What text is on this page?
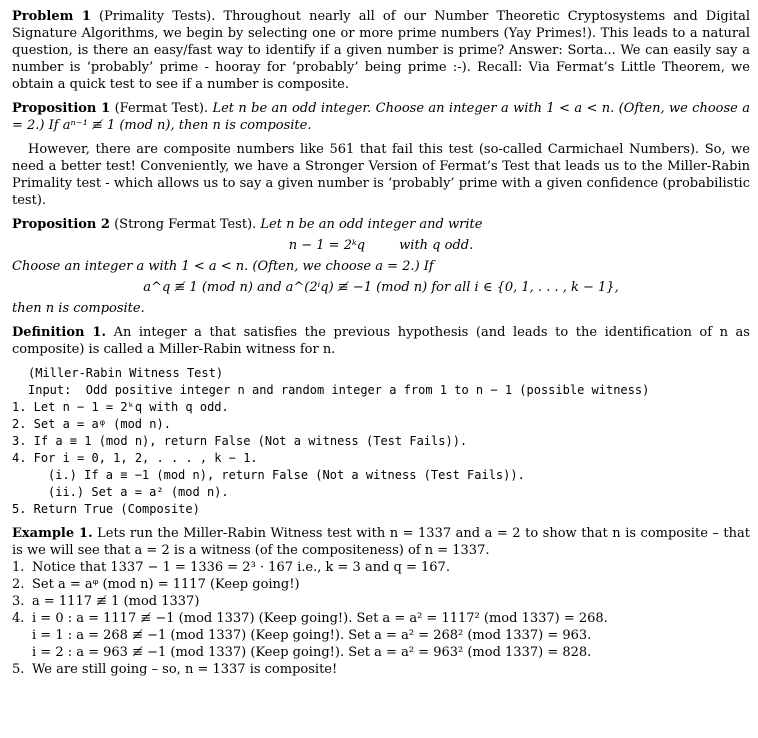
Problem 1 (Primality Tests). Throughout nearly all of our Number Theoretic Cryptosystems and Digital Signature Algorithms, we begin by selecting one or more prime numbers (Yay Primes!). This leads to a natural question, is there an easy/fast way to identify if a given number is prime? Answer: Sorta... We can easily say a number is ‘probably’ prime - hooray for ‘probably’ being prime :-). Recall: Via Fermat’s Little Theorem, we obtain a quick test to see if a number is composite.

Proposition 1 (Fermat Test). Let n be an odd integer. Choose an integer a with 1 < a < n. (Often, we choose a = 2.) If aⁿ⁻¹ ≢ 1 (mod n), then n is composite.

However, there are composite numbers like 561 that fail this test (so-called Carmichael Numbers). So, we need a better test! Conveniently, we have a Stronger Version of Fermat’s Test that leads us to the Miller-Rabin Primality test - which allows us to say a given number is ‘probably’ prime with a given confidence (probabilistic test).

Proposition 2 (Strong Fermat Test). Let n be an odd integer and write

n − 1 = 2ᵏq	with q odd.

Choose an integer a with 1 < a < n. (Often, we choose a = 2.) If

a^q ≢ 1 (mod n) and a^(2ⁱq) ≢ −1 (mod n) for all i ∈ {0, 1, . . . , k − 1},

then n is composite.

Definition 1. An integer a that satisfies the previous hypothesis (and leads to the identification of n as composite) is called a Miller-Rabin witness for n.

(Miller-Rabin Witness Test)
Input:  Odd positive integer n and random integer a from 1 to n − 1 (possible witness)
1. Let n − 1 = 2ᵏq with q odd.
2. Set a = aᵠ (mod n).
3. If a ≡ 1 (mod n), return False (Not a witness (Test Fails)).
4. For i = 0, 1, 2, . . . , k − 1.
(i.) If a ≡ −1 (mod n), return False (Not a witness (Test Fails)).
(ii.) Set a = a² (mod n).
5. Return True (Composite)

Example 1. Lets run the Miller-Rabin Witness test with n = 1337 and a = 2 to show that n is composite – that is we will see that a = 2 is a witness (of the compositeness) of n = 1337.

1. Notice that 1337 − 1 = 1336 = 2³ · 167 i.e., k = 3 and q = 167.
2. Set a = aᵠ (mod n) = 1117 (Keep going!)
3. a = 1117 ≢ 1 (mod 1337)
4. i = 0 : a = 1117 ≢ −1 (mod 1337) (Keep going!). Set a = a² = 1117² (mod 1337) = 268.
i = 1 : a = 268 ≢ −1 (mod 1337) (Keep going!). Set a = a² = 268² (mod 1337) = 963.
i = 2 : a = 963 ≢ −1 (mod 1337) (Keep going!). Set a = a² = 963² (mod 1337) = 828.
5. We are still going – so, n = 1337 is composite!
